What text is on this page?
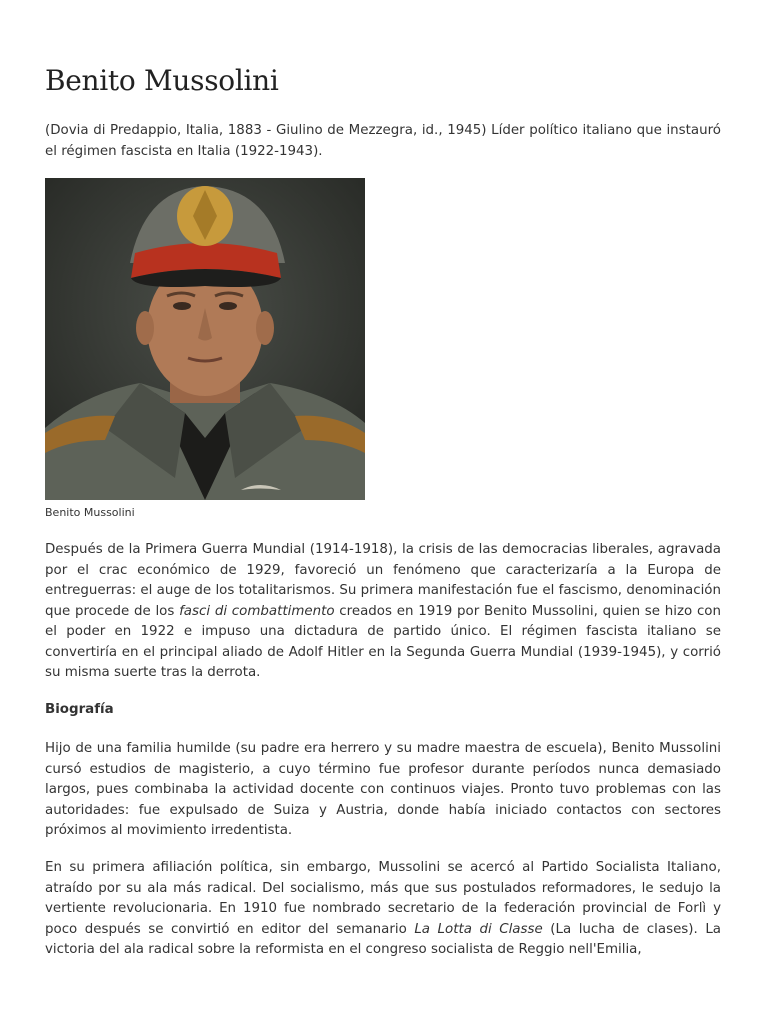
Benito Mussolini

(Dovia di Predappio, Italia, 1883 - Giulino de Mezzegra, id., 1945) Líder político italiano que instauró el régimen fascista en Italia (1922-1943).

Benito Mussolini

Después de la Primera Guerra Mundial (1914-1918), la crisis de las democracias liberales, agravada por el crac económico de 1929, favoreció un fenómeno que caracterizaría a la Europa de entreguerras: el auge de los totalitarismos. Su primera manifestación fue el fascismo, denominación que procede de los fasci di combattimento creados en 1919 por Benito Mussolini, quien se hizo con el poder en 1922 e impuso una dictadura de partido único. El régimen fascista italiano se convertiría en el principal aliado de Adolf Hitler en la Segunda Guerra Mundial (1939-1945), y corrió su misma suerte tras la derrota.

Biografía

Hijo de una familia humilde (su padre era herrero y su madre maestra de escuela), Benito Mussolini cursó estudios de magisterio, a cuyo término fue profesor durante períodos nunca demasiado largos, pues combinaba la actividad docente con continuos viajes. Pronto tuvo problemas con las autoridades: fue expulsado de Suiza y Austria, donde había iniciado contactos con sectores próximos al movimiento irredentista.

En su primera afiliación política, sin embargo, Mussolini se acercó al Partido Socialista Italiano, atraído por su ala más radical. Del socialismo, más que sus postulados reformadores, le sedujo la vertiente revolucionaria. En 1910 fue nombrado secretario de la federación provincial de Forlì y poco después se convirtió en editor del semanario La Lotta di Classe (La lucha de clases). La victoria del ala radical sobre la reformista en el congreso socialista de Reggio nell'Emilia,
